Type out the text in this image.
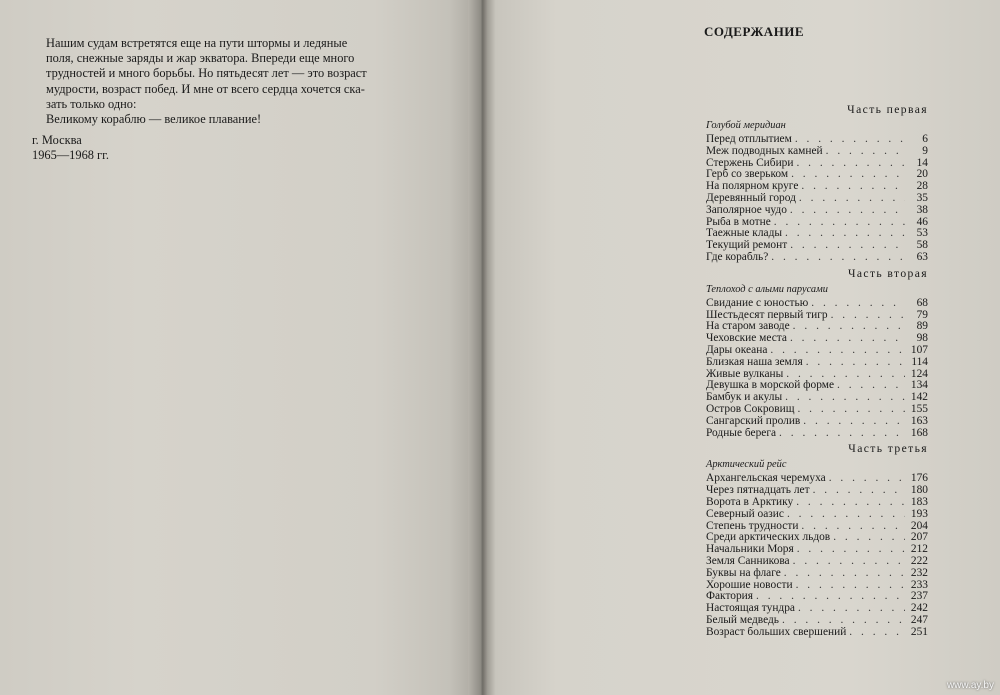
Нашим судам встретятся еще на пути штормы и ледяные
поля, снежные заряды и жар экватора. Впереди еще много
трудностей и много борьбы. Но пятьдесят лет — это возраст
мудрости, возраст побед. И мне от всего сердца хочется ска-
зать только одно:

Великому кораблю — великое плавание!

г. Москва

1965—1968 гг.

СОДЕРЖАНИЕ
Часть первая
Голубой меридиан
Перед отплытием . . .	6
Меж подводных камней . . .	9
Стержень Сибири . . .	14
Герб со зверьком . . .	20
На полярном круге . . .	28
Деревянный город . . .	35
Заполярное чудо . . .	38
Рыба в мотне . . .	46
Таежные клады . . .	53
Текущий ремонт . . .	58
Где корабль? . . .	63
Часть вторая
Теплоход с алыми парусами
Свидание с юностью . . .	68
Шестьдесят первый тигр . . .	79
На старом заводе . . .	89
Чеховские места . . .	98
Дары океана . . .	107
Близкая наша земля . . .	114
Живые вулканы . . .	124
Девушка в морской форме . . .	134
Бамбук и акулы . . .	142
Остров Сокровищ . . .	155
Сангарский пролив . . .	163
Родные берега . . .	168
Часть третья
Арктический рейс
Архангельская черемуха . . .	176
Через пятнадцать лет . . .	180
Ворота в Арктику . . .	183
Северный оазис . . .	193
Степень трудности . . .	204
Среди арктических льдов . . .	207
Начальники Моря . . .	212
Земля Санникова . . .	222
Буквы на флаге . . .	232
Хорошие новости . . .	233
Фактория . . .	237
Настоящая тундра . . .	242
Белый медведь . . .	247
Возраст больших свершений . . .	251
www.ay.by
